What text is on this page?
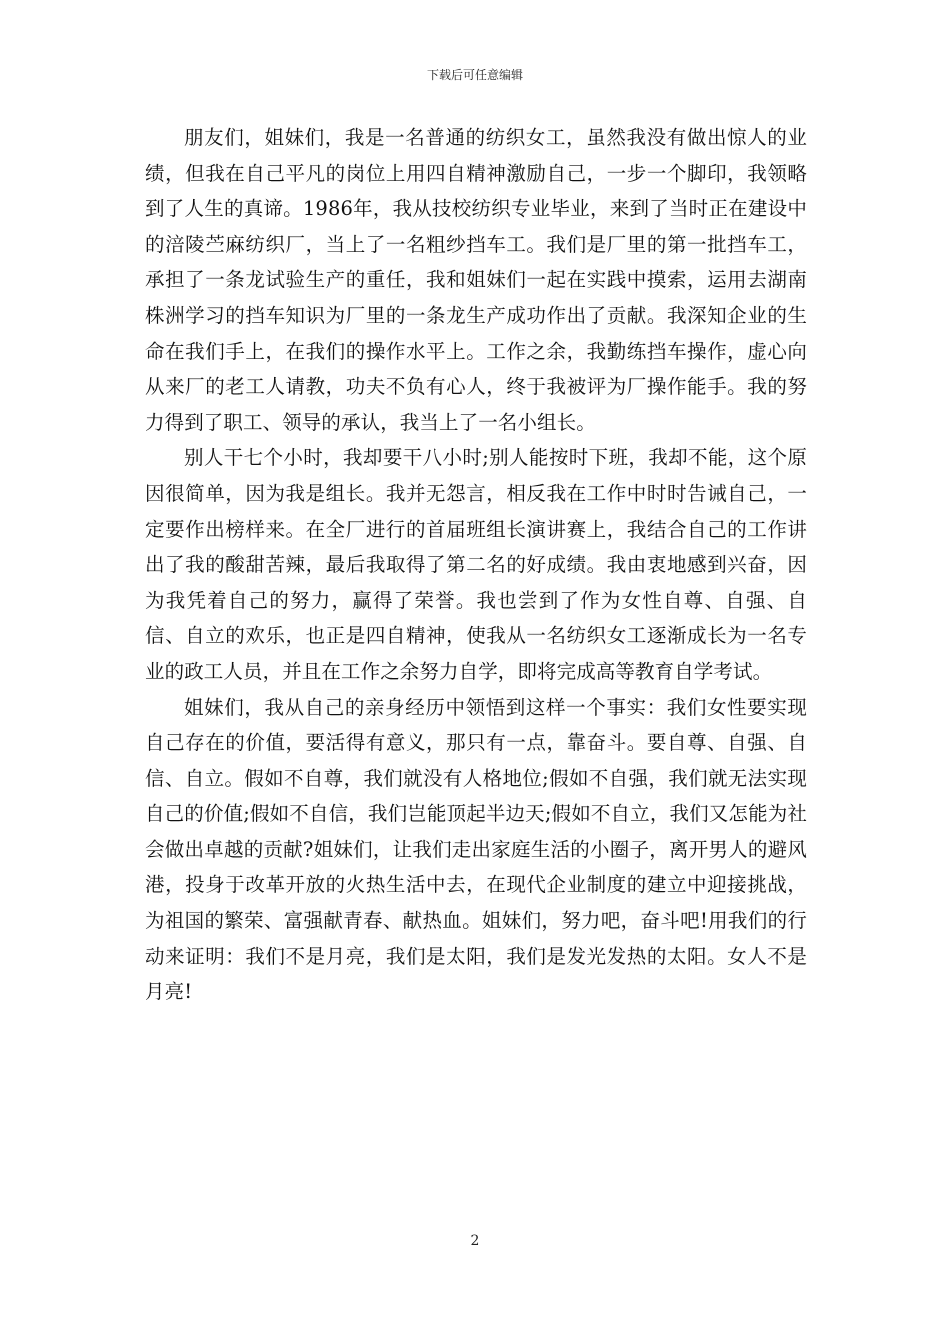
下载后可任意编辑

朋友们，姐妹们，我是一名普通的纺织女工，虽然我没有做出惊人的业绩，但我在自己平凡的岗位上用四自精神激励自己，一步一个脚印，我领略到了人生的真谛。1986年，我从技校纺织专业毕业，来到了当时正在建设中的涪陵苎麻纺织厂，当上了一名粗纱挡车工。我们是厂里的第一批挡车工，承担了一条龙试验生产的重任，我和姐妹们一起在实践中摸索，运用去湖南株洲学习的挡车知识为厂里的一条龙生产成功作出了贡献。我深知企业的生命在我们手上，在我们的操作水平上。工作之余，我勤练挡车操作，虚心向从来厂的老工人请教，功夫不负有心人，终于我被评为厂操作能手。我的努力得到了职工、领导的承认，我当上了一名小组长。

别人干七个小时，我却要干八小时;别人能按时下班，我却不能，这个原因很简单，因为我是组长。我并无怨言，相反我在工作中时时告诫自己，一定要作出榜样来。在全厂进行的首届班组长演讲赛上，我结合自己的工作讲出了我的酸甜苦辣，最后我取得了第二名的好成绩。我由衷地感到兴奋，因为我凭着自己的努力，赢得了荣誉。我也尝到了作为女性自尊、自强、自信、自立的欢乐，也正是四自精神，使我从一名纺织女工逐渐成长为一名专业的政工人员，并且在工作之余努力自学，即将完成高等教育自学考试。

姐妹们，我从自己的亲身经历中领悟到这样一个事实：我们女性要实现自己存在的价值，要活得有意义，那只有一点，靠奋斗。要自尊、自强、自信、自立。假如不自尊，我们就没有人格地位;假如不自强，我们就无法实现自己的价值;假如不自信，我们岂能顶起半边天;假如不自立，我们又怎能为社会做出卓越的贡献?姐妹们，让我们走出家庭生活的小圈子，离开男人的避风港，投身于改革开放的火热生活中去，在现代企业制度的建立中迎接挑战，为祖国的繁荣、富强献青春、献热血。姐妹们，努力吧，奋斗吧!用我们的行动来证明：我们不是月亮，我们是太阳，我们是发光发热的太阳。女人不是月亮!

2
